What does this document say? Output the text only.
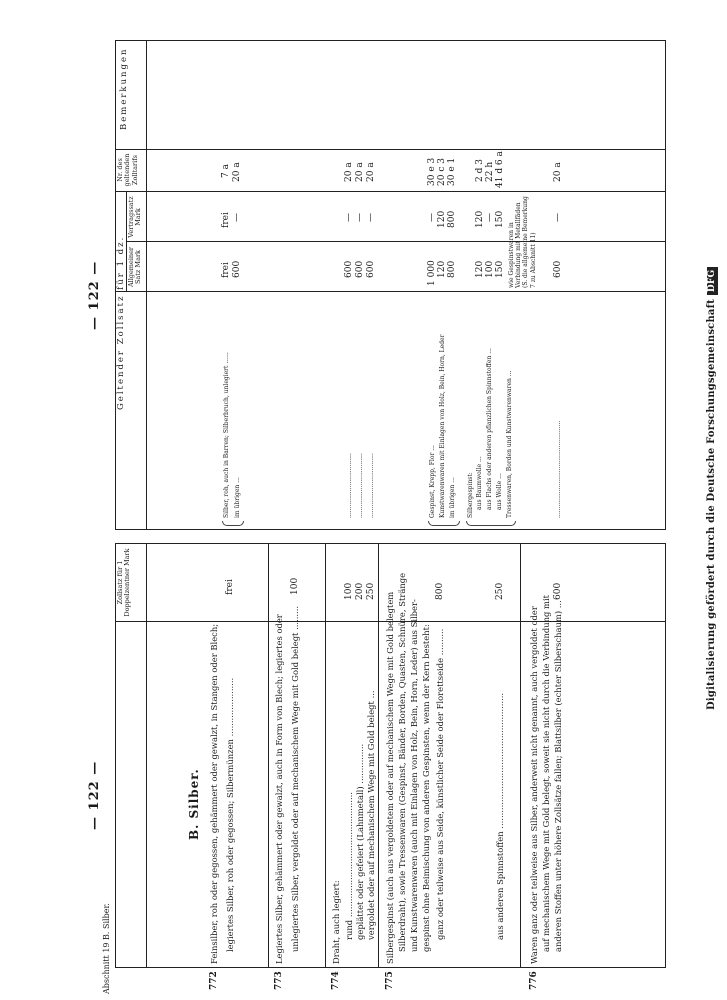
— 122 —
Abschnitt 19 B. Silber.
Zollsatz für 1 Doppelzentner Mark
B. Silber.
772
Feinsilber, roh oder gegossen, gehämmert oder gewalzt, in Stangen oder Blech; legiertes Silber, roh oder gegossen; Silbermünzen ......................
frei
773
Legiertes Silber, gehämmert oder gewalzt, auch in Form von Blech; legiertes oder unlegiertes Silber, vergoldet oder auf mechanischem Wege mit Gold belegt .........
100
774
Draht, auch legiert: rund ............................................... geplättet oder gefeiert (Lahnmetall) ............... vergoldet oder auf mechanischem Wege mit Gold belegt ...
100 200 250
775
Silbergespinst (auch aus vergoldetem oder auf mechanischem Wege mit Gold belegtem Silberdraht), sowie Tressenwaren (Gespinst, Bänder, Borden, Quasten, Schnüre, Stränge und Kunstwarenwaren (auch mit Einlagen von Holz, Bein, Horn, Leder) aus Silber- gespinst ohne Beimischung von anderen Gespinsten, wenn der Kern besteht: ganz oder teilweise aus Seide, künstlicher Seide oder Florettseide ..........	aus anderen Spinnstoffen ...................................................
800	250
776
Waren ganz oder teilweise aus Silber, anderweit nicht genannt, auch vergoldet oder auf mechanischem Wege mit Gold belegt, soweit sie nicht durch die Verbindung mit anderen Stoffen unter höhere Zollsätze fallen; Blattsilber (echter Silberschaum) ...
600
— 122 — Geltender Zollsatz für 1 dz. Allgemeiner Satz Mark
Vertragssatz Mark
Nr. des geltenden Zolltarifs
Bemerkungen
Silber, roh, auch in Barren; Silberbruch, unlegiert ...... im übrigen ...
frei 600
frei —
7 a 20 a
.................................. .................................. ..................................
600 600 600
— — —
20 a 20 a 20 a
Gespinst, Krepp, Flor ... Kunstwarenwaren mit Einlagen von Holz, Bein, Horn, Leder im übrigen ...
1 000 120 800
— 120 800
30 e 3 20 c 3 30 e 1
Silbergespinst: aus Baumwolle ... aus Flachs oder anderen pflanzlichen Spinnstoffen ... aus Wolle ... Tressenwaren, Borden und Kunstwarenwaren ...
120 100 150
120 — 150
2 d 3 22 h 41 d 6 a
wie Gespinstwaren in Verbindung mit Metallfäden (S. die allgemeine Bemerkung 7 zu Abschnitt 11)
...................................................
600
—
20 a
Digitalisierung gefördert durch die Deutsche ForschungsgemeinschaftDFG
